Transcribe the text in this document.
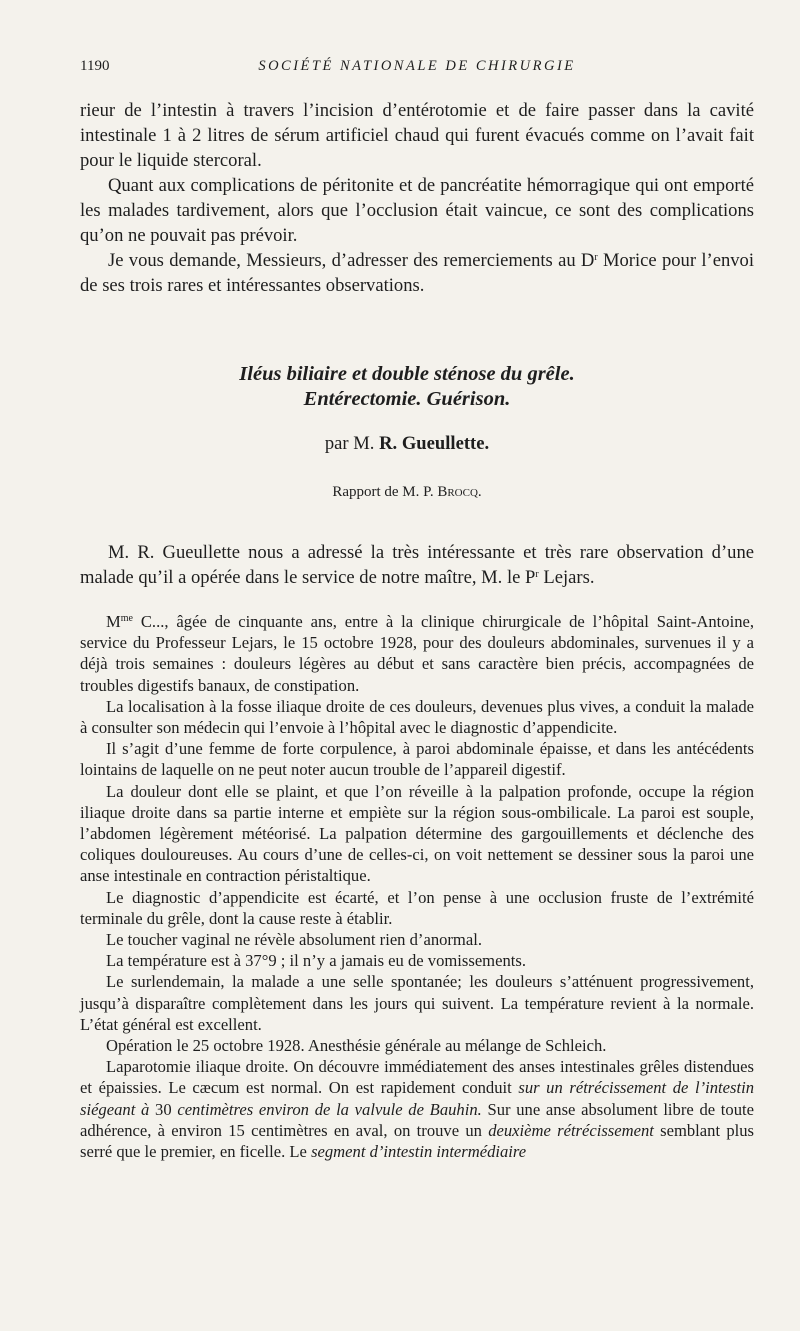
1190	SOCIÉTÉ NATIONALE DE CHIRURGIE

rieur de l’intestin à travers l’incision d’entérotomie et de faire passer dans la cavité intestinale 1 à 2 litres de sérum artificiel chaud qui furent évacués comme on l’avait fait pour le liquide stercoral.

Quant aux complications de péritonite et de pancréatite hémorragique qui ont emporté les malades tardivement, alors que l’occlusion était vaincue, ce sont des complications qu’on ne pouvait pas prévoir.

Je vous demande, Messieurs, d’adresser des remerciements au $D^r$ Morice pour l’envoi de ses trois rares et intéressantes observations.

Iléus biliaire et double sténose du grêle.
Entérectomie. Guérison.
par M. R. Gueullette.
Rapport de M. P. Brocq.

M. R. Gueullette nous a adressé la très intéressante et très rare observation d’une malade qu’il a opérée dans le service de notre maître, M. le $P^r$ Lejars.

$M^{me}$ C..., âgée de cinquante ans, entre à la clinique chirurgicale de l’hôpital Saint-Antoine, service du Professeur Lejars, le 15 octobre 1928, pour des douleurs abdominales, survenues il y a déjà trois semaines : douleurs légères au début et sans caractère bien précis, accompagnées de troubles digestifs banaux, de constipation.

La localisation à la fosse iliaque droite de ces douleurs, devenues plus vives, a conduit la malade à consulter son médecin qui l’envoie à l’hôpital avec le diagnostic d’appendicite.

Il s’agit d’une femme de forte corpulence, à paroi abdominale épaisse, et dans les antécédents lointains de laquelle on ne peut noter aucun trouble de l’appareil digestif.

La douleur dont elle se plaint, et que l’on réveille à la palpation profonde, occupe la région iliaque droite dans sa partie interne et empiète sur la région sous-ombilicale. La paroi est souple, l’abdomen légèrement météorisé. La palpation détermine des gargouillements et déclenche des coliques douloureuses. Au cours d’une de celles-ci, on voit nettement se dessiner sous la paroi une anse intestinale en contraction péristaltique.

Le diagnostic d’appendicite est écarté, et l’on pense à une occlusion fruste de l’extrémité terminale du grêle, dont la cause reste à établir.

Le toucher vaginal ne révèle absolument rien d’anormal.

La température est à 37°9 ; il n’y a jamais eu de vomissements.

Le surlendemain, la malade a une selle spontanée; les douleurs s’atténuent progressivement, jusqu’à disparaître complètement dans les jours qui suivent. La température revient à la normale. L’état général est excellent.

Opération le 25 octobre 1928. Anesthésie générale au mélange de Schleich.

Laparotomie iliaque droite. On découvre immédiatement des anses intestinales grêles distendues et épaissies. Le cæcum est normal. On est rapidement conduit sur un rétrécissement de l’intestin siégeant à 30 centimètres environ de la valvule de Bauhin. Sur une anse absolument libre de toute adhérence, à environ 15 centimètres en aval, on trouve un deuxième rétrécissement semblant plus serré que le premier, en ficelle. Le segment d’intestin intermédiaire
